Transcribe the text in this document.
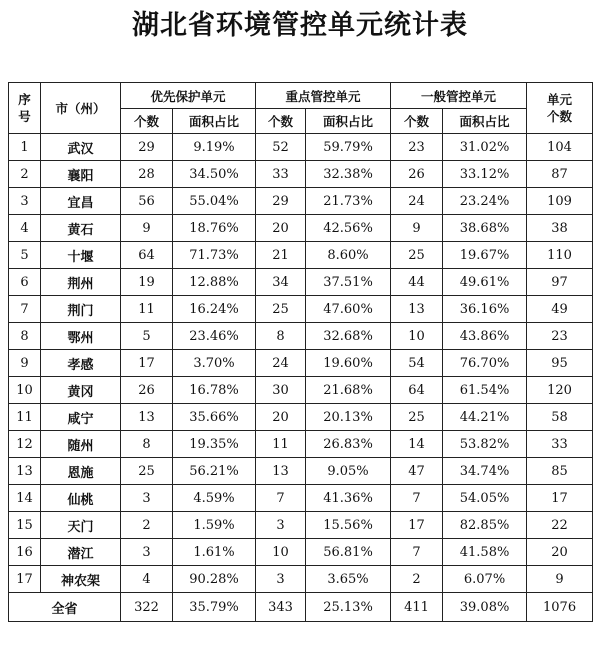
湖北省环境管控单元统计表
序号	市（州）	优先保护单元		重点管控单元		一般管控单元		单元个数
		个数	面积占比	个数	面积占比	个数	面积占比	
1	武汉	29	9.19%	52	59.79%	23	31.02%	104
2	襄阳	28	34.50%	33	32.38%	26	33.12%	87
3	宜昌	56	55.04%	29	21.73%	24	23.24%	109
4	黄石	9	18.76%	20	42.56%	9	38.68%	38
5	十堰	64	71.73%	21	8.60%	25	19.67%	110
6	荆州	19	12.88%	34	37.51%	44	49.61%	97
7	荆门	11	16.24%	25	47.60%	13	36.16%	49
8	鄂州	5	23.46%	8	32.68%	10	43.86%	23
9	孝感	17	3.70%	24	19.60%	54	76.70%	95
10	黄冈	26	16.78%	30	21.68%	64	61.54%	120
11	咸宁	13	35.66%	20	20.13%	25	44.21%	58
12	随州	8	19.35%	11	26.83%	14	53.82%	33
13	恩施	25	56.21%	13	9.05%	47	34.74%	85
14	仙桃	3	4.59%	7	41.36%	7	54.05%	17
15	天门	2	1.59%	3	15.56%	17	82.85%	22
16	潜江	3	1.61%	10	56.81%	7	41.58%	20
17	神农架	4	90.28%	3	3.65%	2	6.07%	9
全省		322	35.79%	343	25.13%	411	39.08%	1076
